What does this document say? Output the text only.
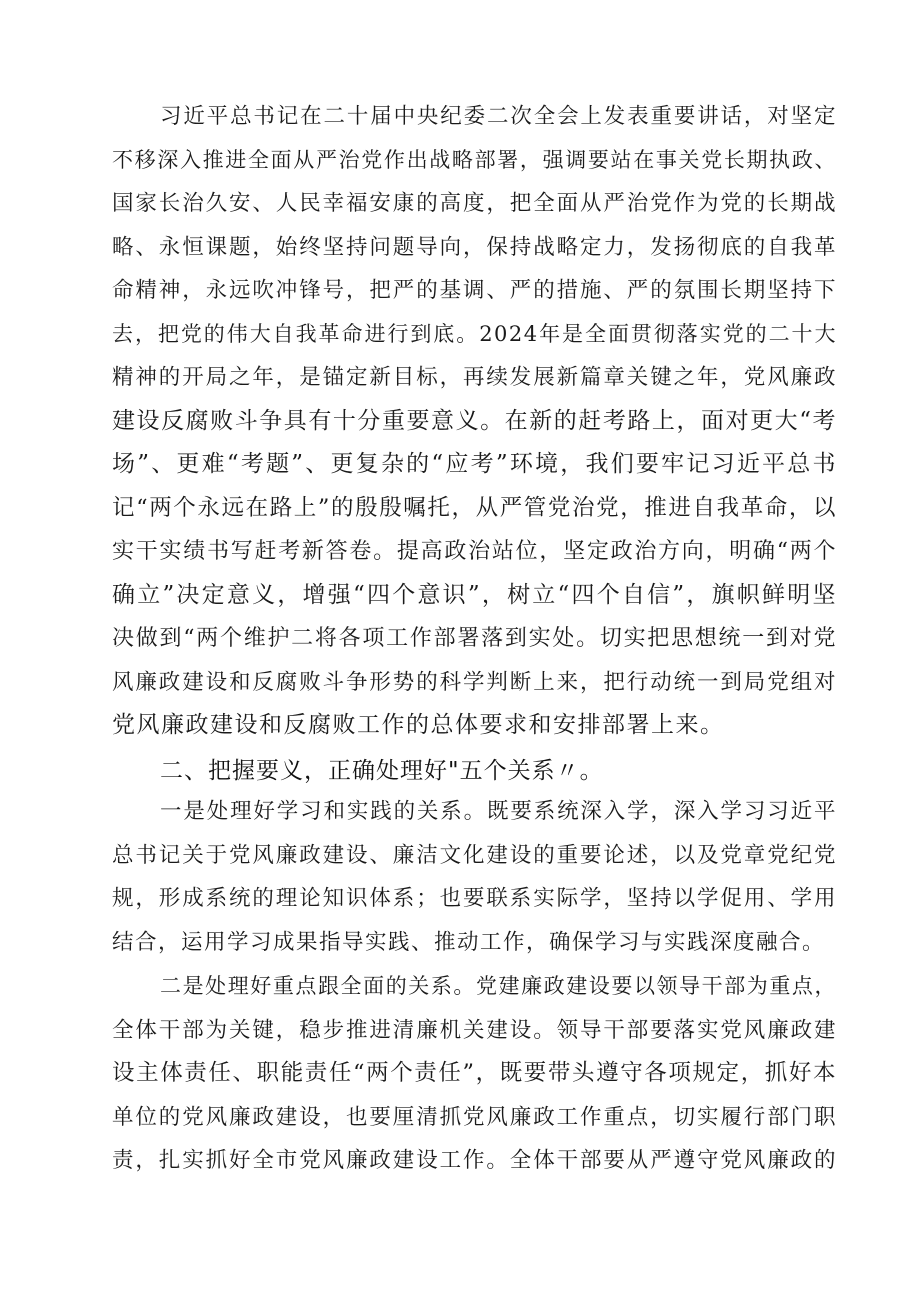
习近平总书记在二十届中央纪委二次全会上发表重要讲话，对坚定
不移深入推进全面从严治党作出战略部署，强调要站在事关党长期执政、
国家长治久安、人民幸福安康的高度，把全面从严治党作为党的长期战
略、永恒课题，始终坚持问题导向，保持战略定力，发扬彻底的自我革
命精神，永远吹冲锋号，把严的基调、严的措施、严的氛围长期坚持下
去，把党的伟大自我革命进行到底。2024年是全面贯彻落实党的二十大
精神的开局之年，是锚定新目标，再续发展新篇章关键之年，党风廉政
建设反腐败斗争具有十分重要意义。在新的赶考路上，面对更大“考
场”、更难“考题”、更复杂的“应考”环境，我们要牢记习近平总书
记“两个永远在路上”的殷殷嘱托，从严管党治党，推进自我革命，以
实干实绩书写赶考新答卷。提高政治站位，坚定政治方向，明确“两个
确立”决定意义，增强“四个意识”，树立“四个自信”，旗帜鲜明坚
决做到“两个维护二将各项工作部署落到实处。切实把思想统一到对党
风廉政建设和反腐败斗争形势的科学判断上来，把行动统一到局党组对
党风廉政建设和反腐败工作的总体要求和安排部署上来。
二、把握要义，正确处理好"五个关系〃。
一是处理好学习和实践的关系。既要系统深入学，深入学习习近平
总书记关于党风廉政建设、廉洁文化建设的重要论述，以及党章党纪党
规，形成系统的理论知识体系；也要联系实际学，坚持以学促用、学用
结合，运用学习成果指导实践、推动工作，确保学习与实践深度融合。
二是处理好重点跟全面的关系。党建廉政建设要以领导干部为重点，
全体干部为关键，稳步推进清廉机关建设。领导干部要落实党风廉政建
设主体责任、职能责任“两个责任”，既要带头遵守各项规定，抓好本
单位的党风廉政建设，也要厘清抓党风廉政工作重点，切实履行部门职
责，扎实抓好全市党风廉政建设工作。全体干部要从严遵守党风廉政的
